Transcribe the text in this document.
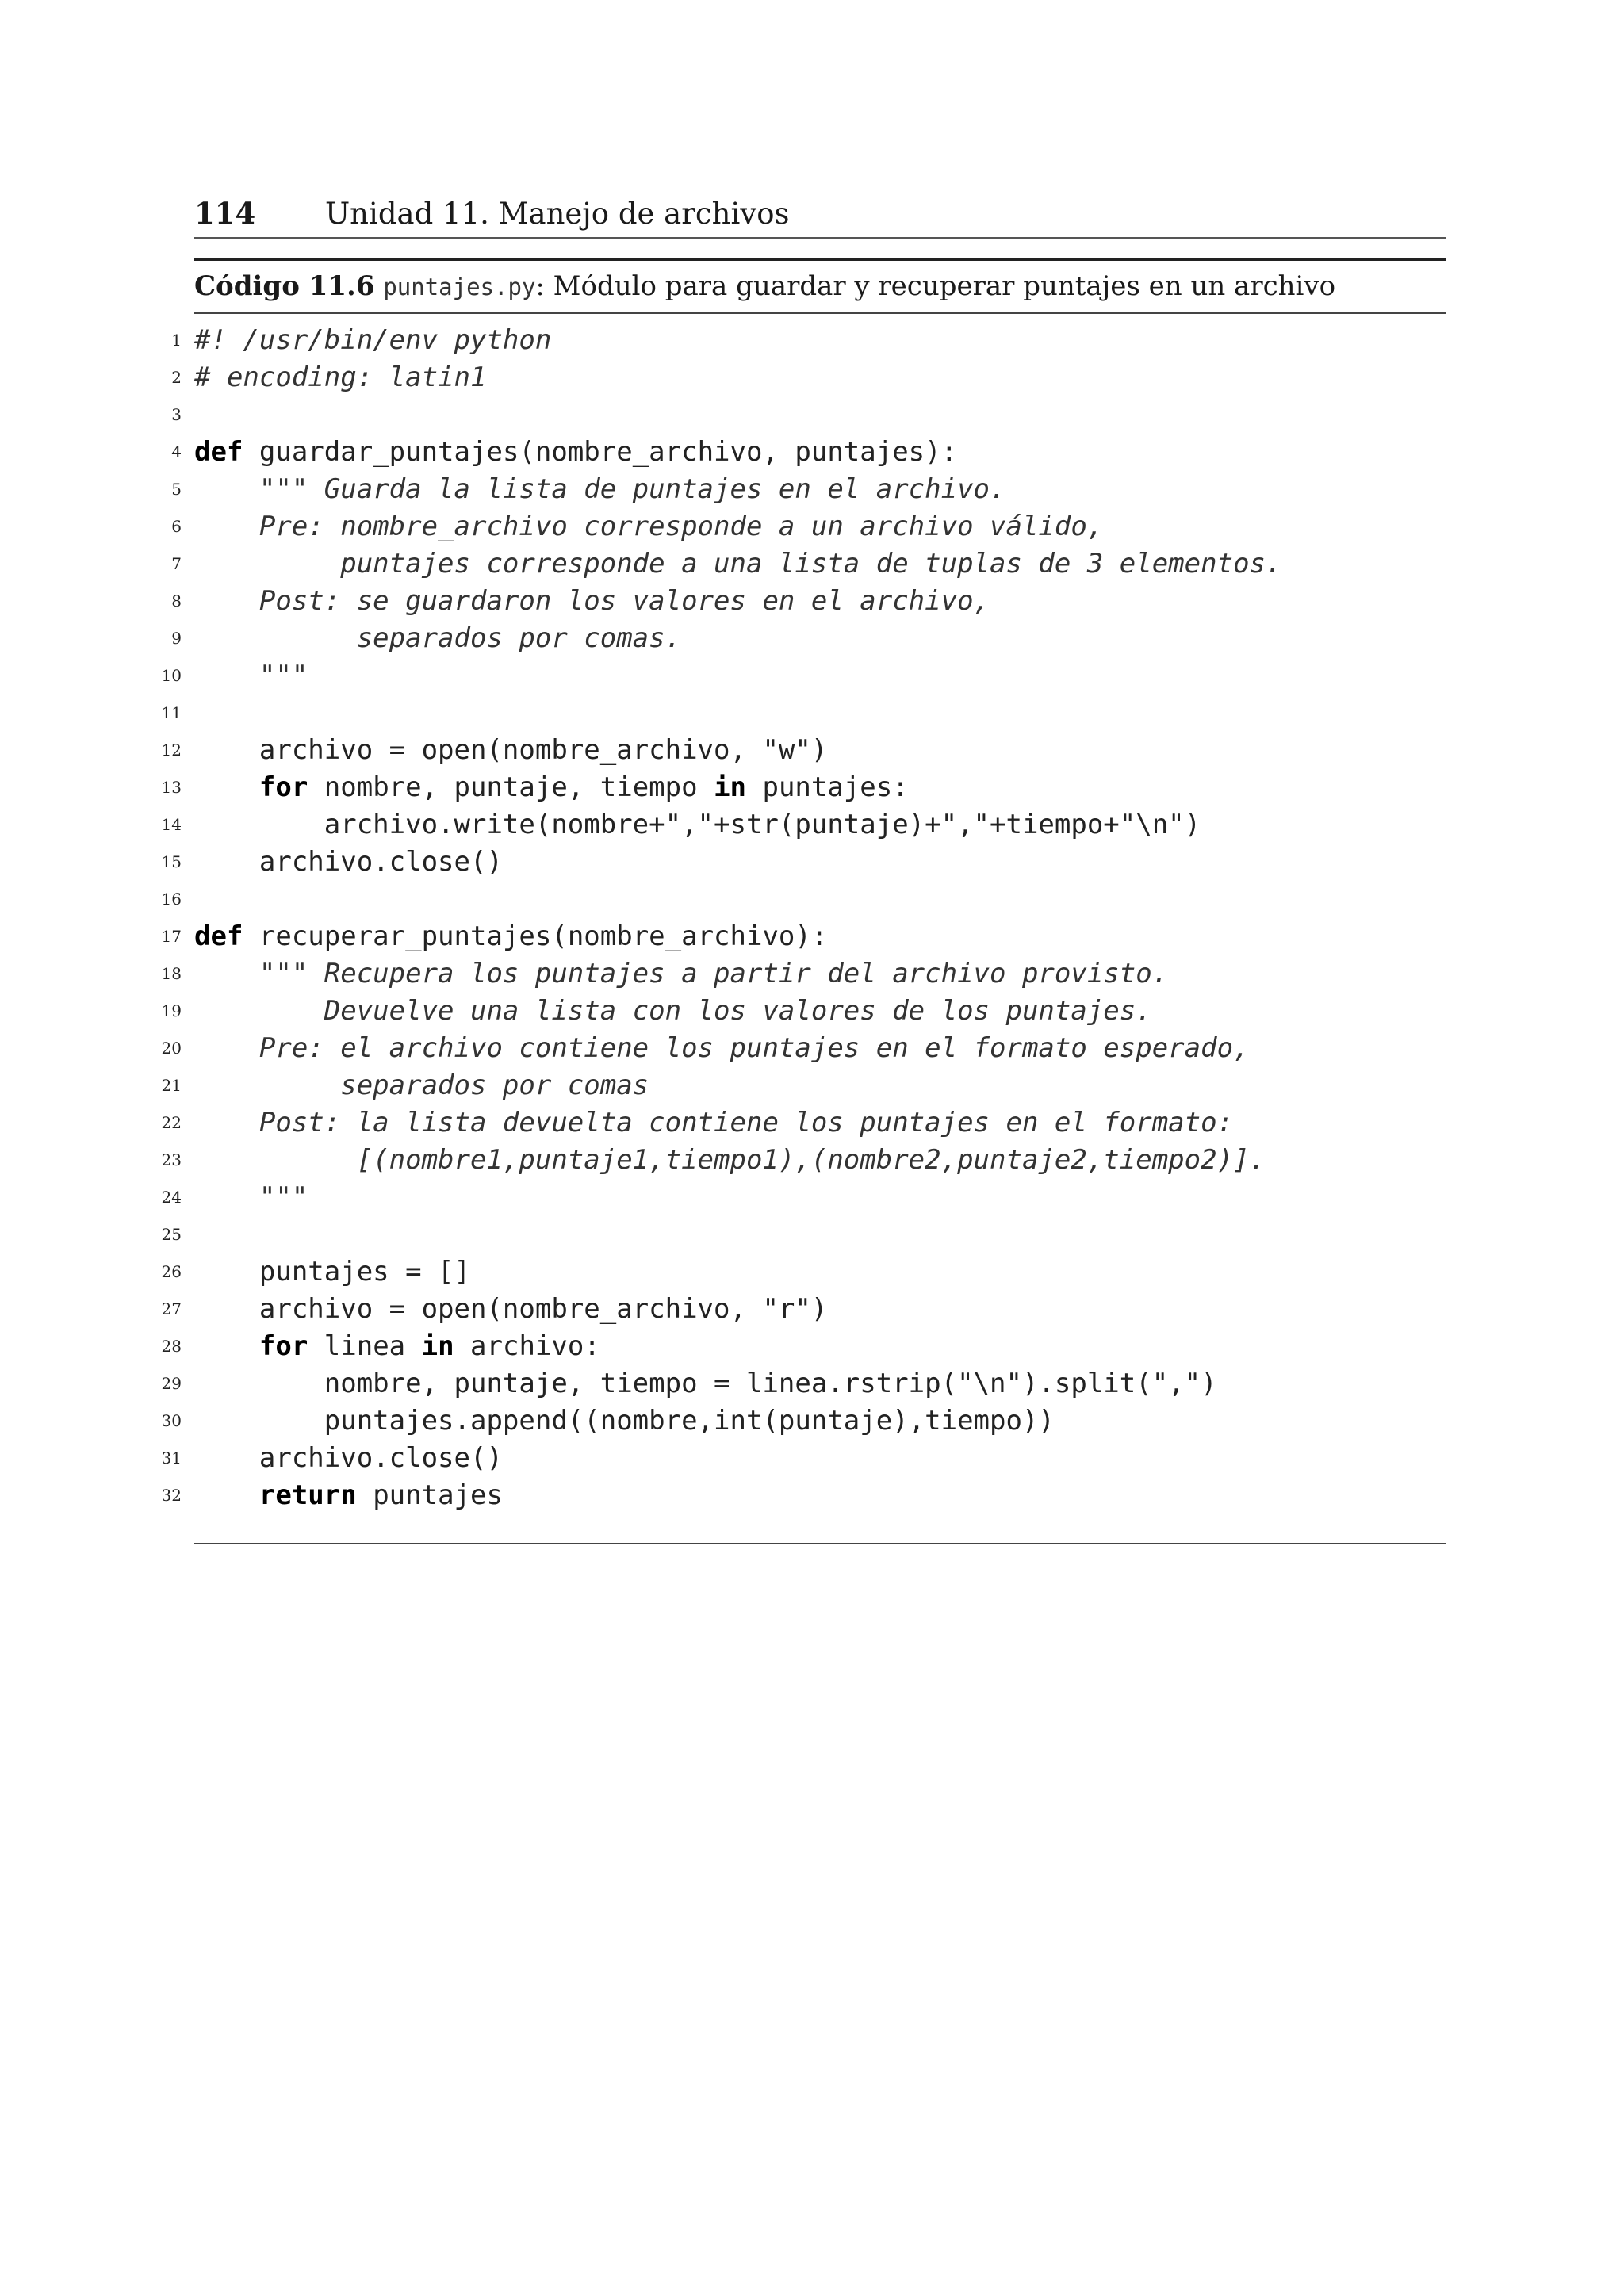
114	Unidad 11. Manejo de archivos
Código 11.6 puntajes.py: Módulo para guardar y recuperar puntajes en un archivo
1 #! /usr/bin/env python
2 # encoding: latin1
3
4 def guardar_puntajes(nombre_archivo, puntajes):
5 """ Guarda la lista de puntajes en el archivo.
6 Pre: nombre_archivo corresponde a un archivo válido,
7 puntajes corresponde a una lista de tuplas de 3 elementos.
8 Post: se guardaron los valores en el archivo,
9 separados por comas.
10 """
11
12 archivo = open(nombre_archivo, "w")
13	for nombre, puntaje, tiempo in puntajes:
14 archivo.write(nombre+","+str(puntaje)+","+tiempo+"\n")
15 archivo.close()
16
17 def recuperar_puntajes(nombre_archivo):
18 """ Recupera los puntajes a partir del archivo provisto.
19 Devuelve una lista con los valores de los puntajes.
20 Pre: el archivo contiene los puntajes en el formato esperado,
21 separados por comas
22 Post: la lista devuelta contiene los puntajes en el formato:
23 [(nombre1,puntaje1,tiempo1),(nombre2,puntaje2,tiempo2)].
24 """
25
26 puntajes = []
27 archivo = open(nombre_archivo, "r")
28	for linea in archivo:
29 nombre, puntaje, tiempo = linea.rstrip("\n").split(",")
30 puntajes.append((nombre,int(puntaje),tiempo))
31 archivo.close()
32	return puntajes
